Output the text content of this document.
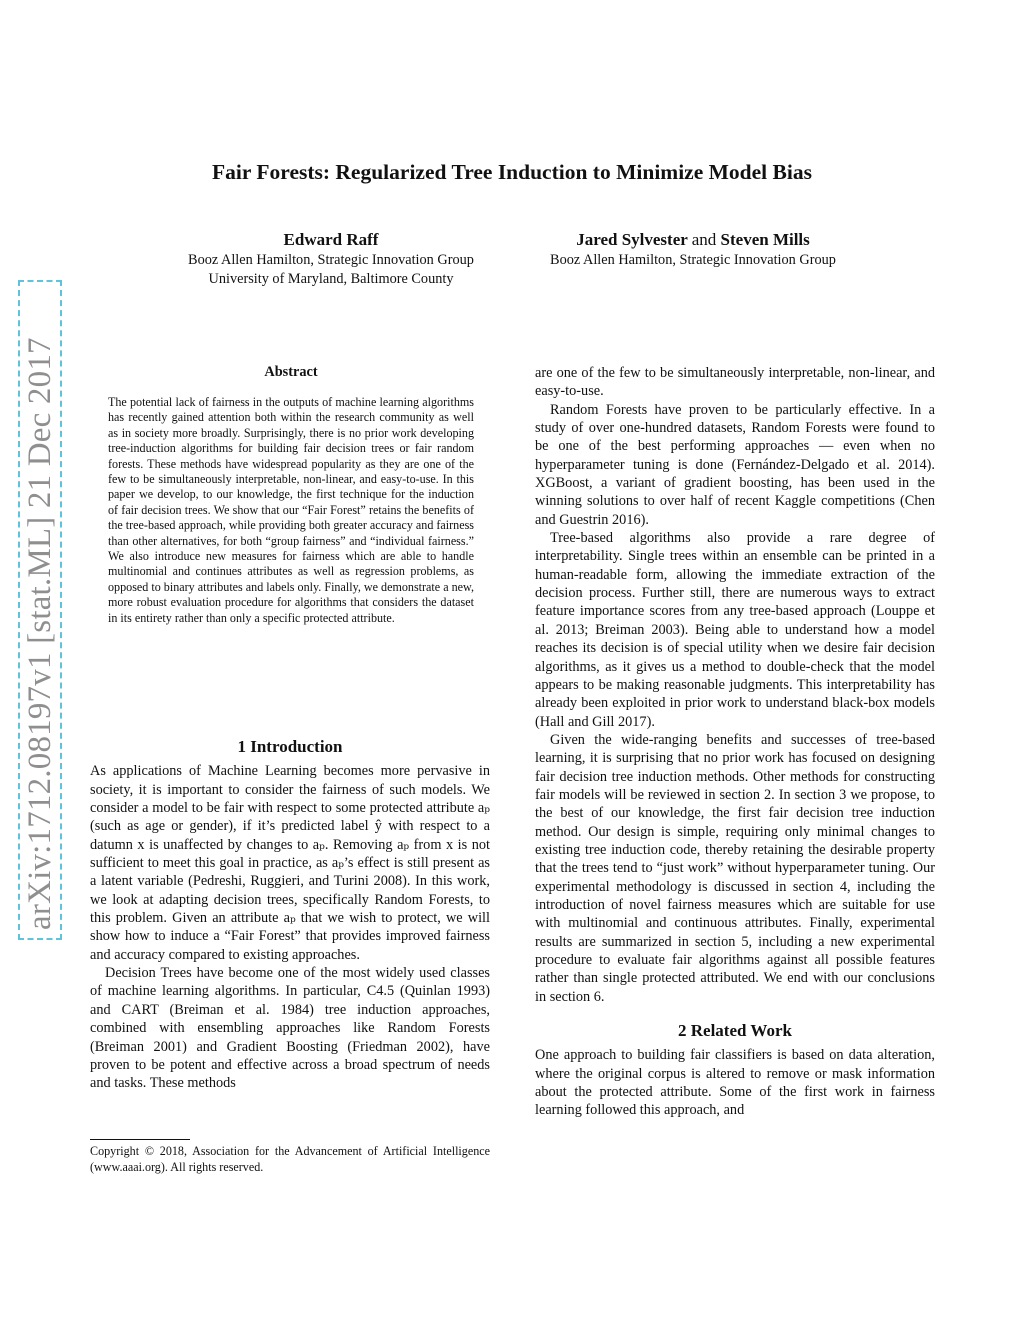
arXiv:1712.08197v1 [stat.ML] 21 Dec 2017
Fair Forests: Regularized Tree Induction to Minimize Model Bias
Edward Raff
Booz Allen Hamilton, Strategic Innovation Group
University of Maryland, Baltimore County
Jared Sylvester and Steven Mills
Booz Allen Hamilton, Strategic Innovation Group
Abstract
The potential lack of fairness in the outputs of machine learning algorithms has recently gained attention both within the research community as well as in society more broadly. Surprisingly, there is no prior work developing tree-induction algorithms for building fair decision trees or fair random forests. These methods have widespread popularity as they are one of the few to be simultaneously interpretable, non-linear, and easy-to-use. In this paper we develop, to our knowledge, the first technique for the induction of fair decision trees. We show that our “Fair Forest” retains the benefits of the tree-based approach, while providing both greater accuracy and fairness than other alternatives, for both “group fairness” and “individual fairness.” We also introduce new measures for fairness which are able to handle multinomial and continues attributes as well as regression problems, as opposed to binary attributes and labels only. Finally, we demonstrate a new, more robust evaluation procedure for algorithms that considers the dataset in its entirety rather than only a specific protected attribute.
1 Introduction

As applications of Machine Learning becomes more pervasive in society, it is important to consider the fairness of such models. We consider a model to be fair with respect to some protected attribute aₚ (such as age or gender), if it’s predicted label ŷ with respect to a datumn x is unaffected by changes to aₚ. Removing aₚ from x is not sufficient to meet this goal in practice, as aₚ’s effect is still present as a latent variable (Pedreshi, Ruggieri, and Turini 2008). In this work, we look at adapting decision trees, specifically Random Forests, to this problem. Given an attribute aₚ that we wish to protect, we will show how to induce a “Fair Forest” that provides improved fairness and accuracy compared to existing approaches.

Decision Trees have become one of the most widely used classes of machine learning algorithms. In particular, C4.5 (Quinlan 1993) and CART (Breiman et al. 1984) tree induction approaches, combined with ensembling approaches like Random Forests (Breiman 2001) and Gradient Boosting (Friedman 2002), have proven to be potent and effective across a broad spectrum of needs and tasks. These methods

Copyright © 2018, Association for the Advancement of Artificial Intelligence (www.aaai.org). All rights reserved.

are one of the few to be simultaneously interpretable, non-linear, and easy-to-use.

Random Forests have proven to be particularly effective. In a study of over one-hundred datasets, Random Forests were found to be one of the best performing approaches — even when no hyperparameter tuning is done (Fernández-Delgado et al. 2014). XGBoost, a variant of gradient boosting, has been used in the winning solutions to over half of recent Kaggle competitions (Chen and Guestrin 2016).

Tree-based algorithms also provide a rare degree of interpretability. Single trees within an ensemble can be printed in a human-readable form, allowing the immediate extraction of the decision process. Further still, there are numerous ways to extract feature importance scores from any tree-based approach (Louppe et al. 2013; Breiman 2003). Being able to understand how a model reaches its decision is of special utility when we desire fair decision algorithms, as it gives us a method to double-check that the model appears to be making reasonable judgments. This interpretability has already been exploited in prior work to understand black-box models (Hall and Gill 2017).

Given the wide-ranging benefits and successes of tree-based learning, it is surprising that no prior work has focused on designing fair decision tree induction methods. Other methods for constructing fair models will be reviewed in section 2. In section 3 we propose, to the best of our knowledge, the first fair decision tree induction method. Our design is simple, requiring only minimal changes to existing tree induction code, thereby retaining the desirable property that the trees tend to “just work” without hyperparameter tuning. Our experimental methodology is discussed in section 4, including the introduction of novel fairness measures which are suitable for use with multinomial and continuous attributes. Finally, experimental results are summarized in section 5, including a new experimental procedure to evaluate fair algorithms against all possible features rather than single protected attributed. We end with our conclusions in section 6.

2 Related Work

One approach to building fair classifiers is based on data alteration, where the original corpus is altered to remove or mask information about the protected attribute. Some of the first work in fairness learning followed this approach, and
